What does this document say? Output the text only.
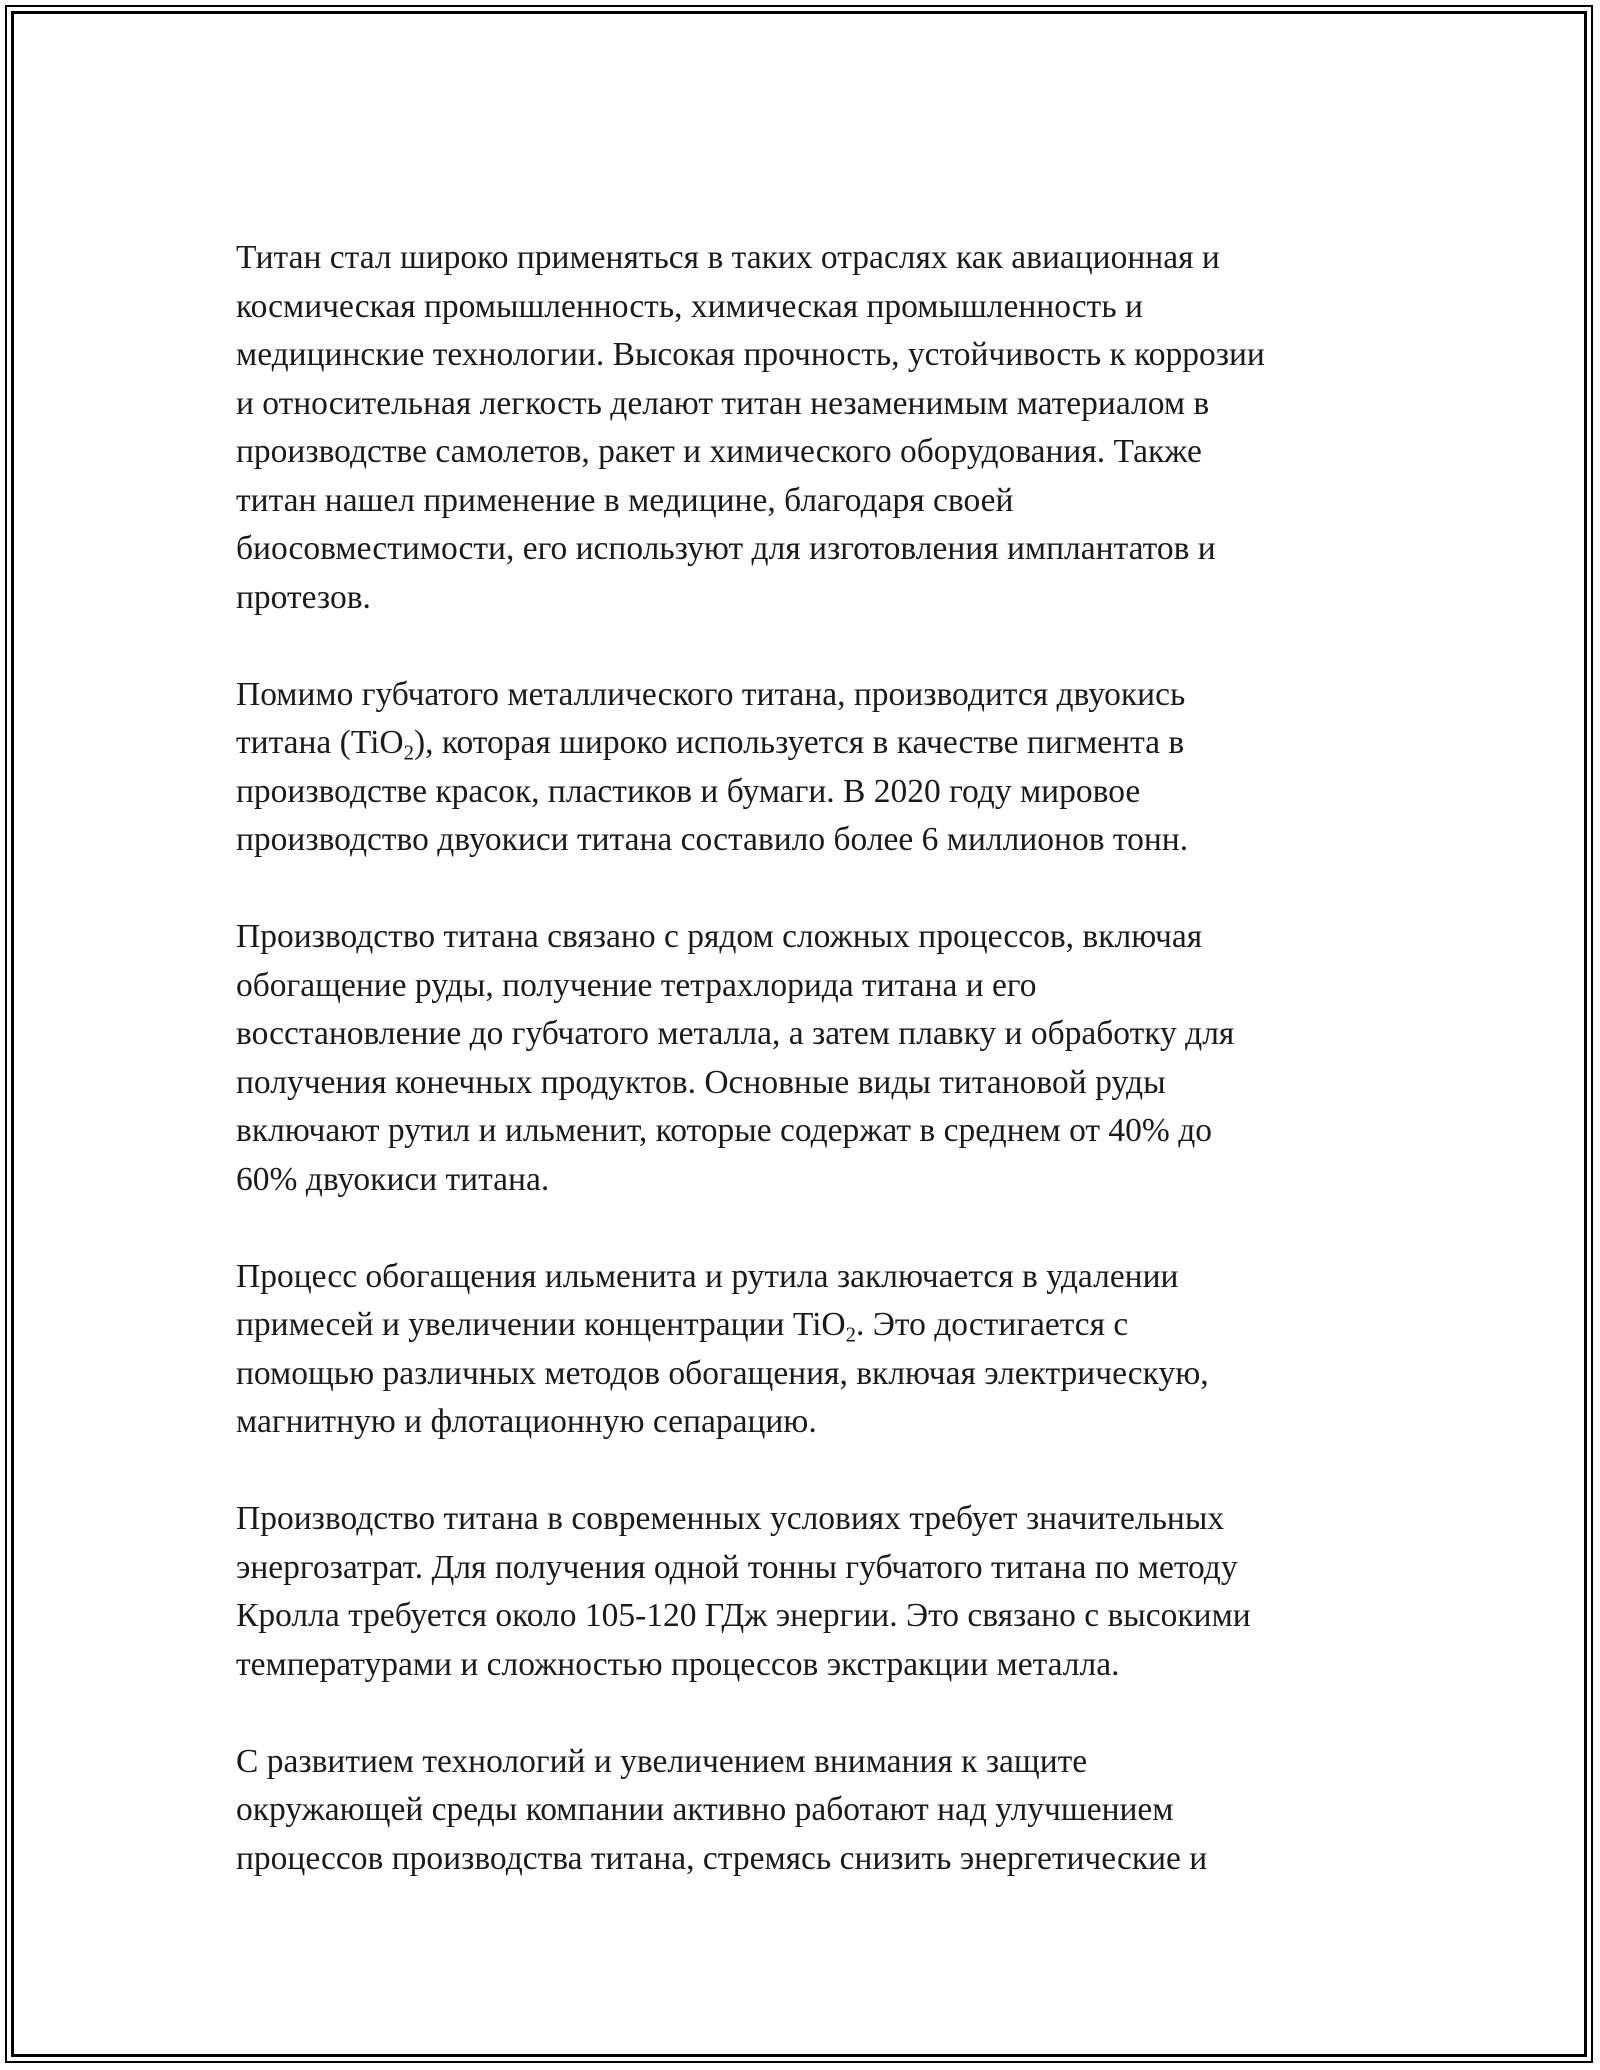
Титан стал широко применяться в таких отраслях как авиационная и
космическая промышленность, химическая промышленность и
медицинские технологии. Высокая прочность, устойчивость к коррозии
и относительная легкость делают титан незаменимым материалом в
производстве самолетов, ракет и химического оборудования. Также
титан нашел применение в медицине, благодаря своей
биосовместимости, его используют для изготовления имплантатов и
протезов.

Помимо губчатого металлического титана, производится двуокись
титана (TiO$_2$), которая широко используется в качестве пигмента в
производстве красок, пластиков и бумаги. В 2020 году мировое
производство двуокиси титана составило более 6 миллионов тонн.

Производство титана связано с рядом сложных процессов, включая
обогащение руды, получение тетрахлорида титана и его
восстановление до губчатого металла, а затем плавку и обработку для
получения конечных продуктов. Основные виды титановой руды
включают рутил и ильменит, которые содержат в среднем от 40% до
60% двуокиси титана.

Процесс обогащения ильменита и рутила заключается в удалении
примесей и увеличении концентрации TiO$_2$. Это достигается с
помощью различных методов обогащения, включая электрическую,
магнитную и флотационную сепарацию.

Производство титана в современных условиях требует значительных
энергозатрат. Для получения одной тонны губчатого титана по методу
Кролла требуется около 105-120 ГДж энергии. Это связано с высокими
температурами и сложностью процессов экстракции металла.

С развитием технологий и увеличением внимания к защите
окружающей среды компании активно работают над улучшением
процессов производства титана, стремясь снизить энергетические и
